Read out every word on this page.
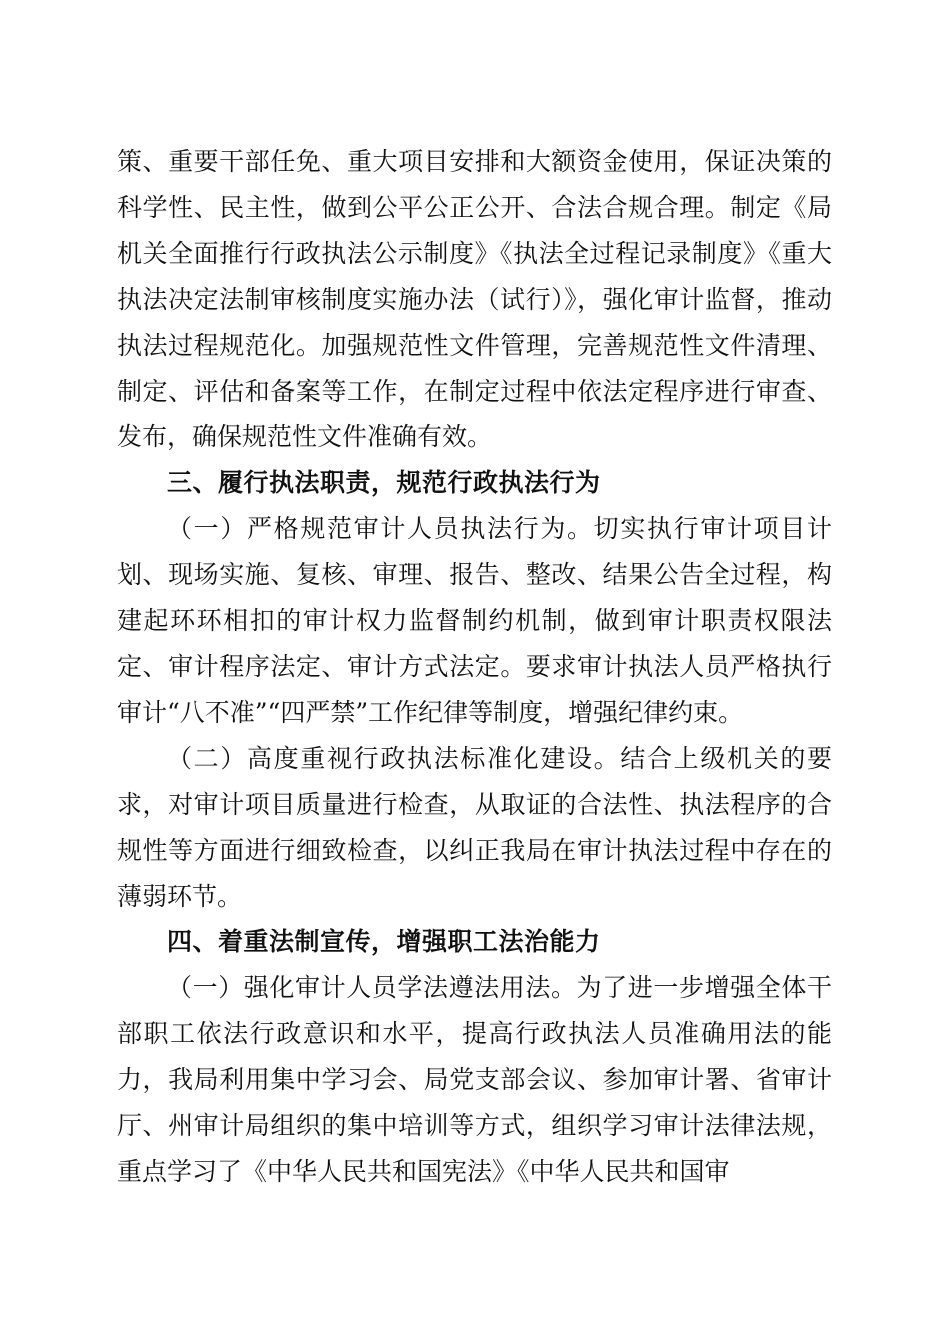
策、重要干部任免、重大项目安排和大额资金使用，保证决策的科学性、民主性，做到公平公正公开、合法合规合理。制定《局机关全面推行行政执法公示制度》《执法全过程记录制度》《重大执法决定法制审核制度实施办法（试行）》，强化审计监督，推动执法过程规范化。加强规范性文件管理，完善规范性文件清理、制定、评估和备案等工作，在制定过程中依法定程序进行审查、发布，确保规范性文件准确有效。

三、履行执法职责，规范行政执法行为

（一）严格规范审计人员执法行为。切实执行审计项目计划、现场实施、复核、审理、报告、整改、结果公告全过程，构建起环环相扣的审计权力监督制约机制，做到审计职责权限法定、审计程序法定、审计方式法定。要求审计执法人员严格执行审计“八不准”“四严禁”工作纪律等制度，增强纪律约束。

（二）高度重视行政执法标准化建设。结合上级机关的要求，对审计项目质量进行检查，从取证的合法性、执法程序的合规性等方面进行细致检查，以纠正我局在审计执法过程中存在的薄弱环节。

四、着重法制宣传，增强职工法治能力

（一）强化审计人员学法遵法用法。为了进一步增强全体干部职工依法行政意识和水平，提高行政执法人员准确用法的能力，我局利用集中学习会、局党支部会议、参加审计署、省审计厅、州审计局组织的集中培训等方式，组织学习审计法律法规，重点学习了《中华人民共和国宪法》《中华人民共和国审
